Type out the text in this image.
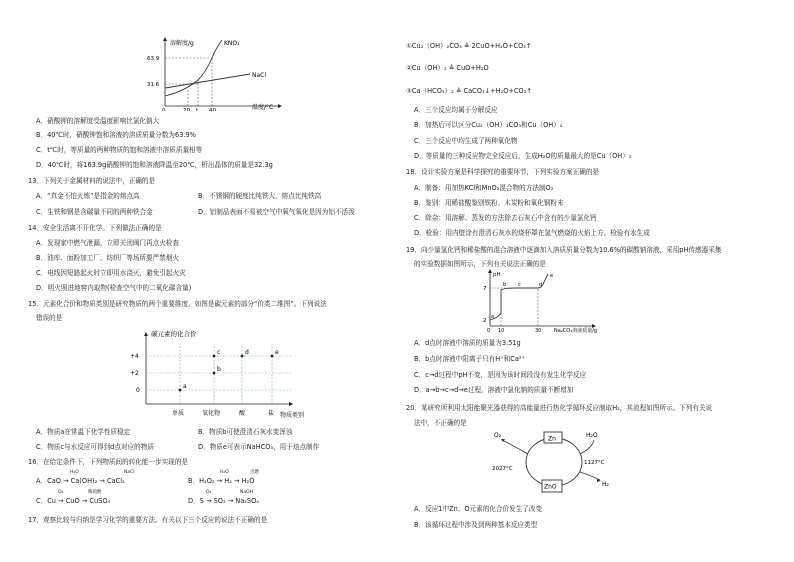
溶解度/g	KNO₃
NaCl
63.9
31.6
0	20 t 40	温度/°C
A．硝酸钾的溶解度受温度影响比氯化钠大
B．40℃时，硝酸钾饱和溶液的溶质质量分数为63.9%
C．t℃时，等质量的两种物质的饱和溶液中溶质质量相等
D．40℃时，将163.9g硝酸钾的饱和溶液降温至20℃，析出晶体的质量是32.3g
13．下列关于金属材料的说法中，正确的是
A．“真金不怕火炼”是指金的熔点高	B．不锈钢的硬度比纯铁大，熔点比纯铁高
C．生铁和钢是含碳量不同的两种铁合金	D．铝制品表面不易被空气中氧气氧化是因为铝不活泼
14．安全生活离不开化学。下列做法正确的是
A．发现家中燃气泄漏，立即关闭阀门再点火检查
B．油库、面粉加工厂、纺织厂等场所要严禁烟火
C．电线因短路起火时立即用水浇灭，避免引起火灾
D．明火照进地窖内取物(检查空气中的二氧化碳含量)
15．元素化合价和物质类别是研究物质的两个重要维度。如图是碳元素的部分“价类二维图”。下列说法
错误的是
a
b
c	d	e
碳元素的化合价
+4
+2
0
单质	氧化物	酸	盐 物质类别
A．物质a在常温下化学性质稳定	B．物质b可使澄清石灰水变浑浊
C．物质c与水反应可得到d点对应的物质	D．物质e可表示NaHCO₃，用于焙点制作
16．在给定条件下，下列物质间的转化能一步实现的是
A．CaO → Ca(OH)₂ → CaCl₂	B．H₂O₂ → H₂ → H₂O
C．Cu → CuO → CuSO₄	D．S → SO₂ → Na₂SO₄
H₂O	NaCl	H₂O	点燃
O₂	稀硫酸	O₂	NaOH
17．观察比较与归纳是学习化学的重要方法。有关以下三个反应的说法不正确的是
①Cu₂（OH）₂CO₃ ≜ 2CuO+H₂O+CO₂↑
②Cu（OH）₂ ≜ CuO+H₂O
③Ca（HCO₃）₂ ≜ CaCO₃↓+H₂O+CO₂↑
A．三个反应均属于分解反应
B．加热后可以区分Cu₂（OH）₂CO₃和Cu（OH）₂
C．三个反应中均生成了两种氧化物
D．等质量的三种反应物完全反应后，生成H₂O的质量最大的是Cu（OH）₂
18．设计实验方案是科学探究的重要环节，下列实验方案正确的是
A．制备：用加热KCl和MnO₂混合物的方法制O₂
B．鉴别：用稀盐酸鉴别铁粉、木炭粉和氧化铜粉末
C．除杂：用溶解、蒸发的方法除去石灰石中含有的少量氯化钙
D．检验：用内壁涂有澄清石灰水的烧杯罩在氢气燃烧的火焰上方，检验有水生成
19．向少量氢化钙和稀盐酸的混合溶液中逐滴加入溶质质量分数为10.6%的碳酸钠溶液，采用pH传感器采集
的实验数据如图所示，下列有关说法正确的是
pH
7
2
a
b c	d
e
0 10	30	Na₂CO₃溶液质量/g
A．d点时溶液中溶质的质量为3.51g
B．b点时溶液中阳离子只有H⁺和Ca²⁺
C．c→d过程中pH不变，是因为该时间段没有发生化学反应
D．a→b→c→d→e过程，溶液中氯化钠的质量不断增加
20．某研究所利用太阳能聚光器获得的高能量进行热化学循环反应制取H₂，其流程如图所示。下列有关说
法中，不正确的是
O₂	Zn
ZnO
H₂O
H₂
2027°C
1127°C
A．反应1中Zn、O元素的化合价发生了改变
B．该循环过程中涉及到两种基本反应类型
